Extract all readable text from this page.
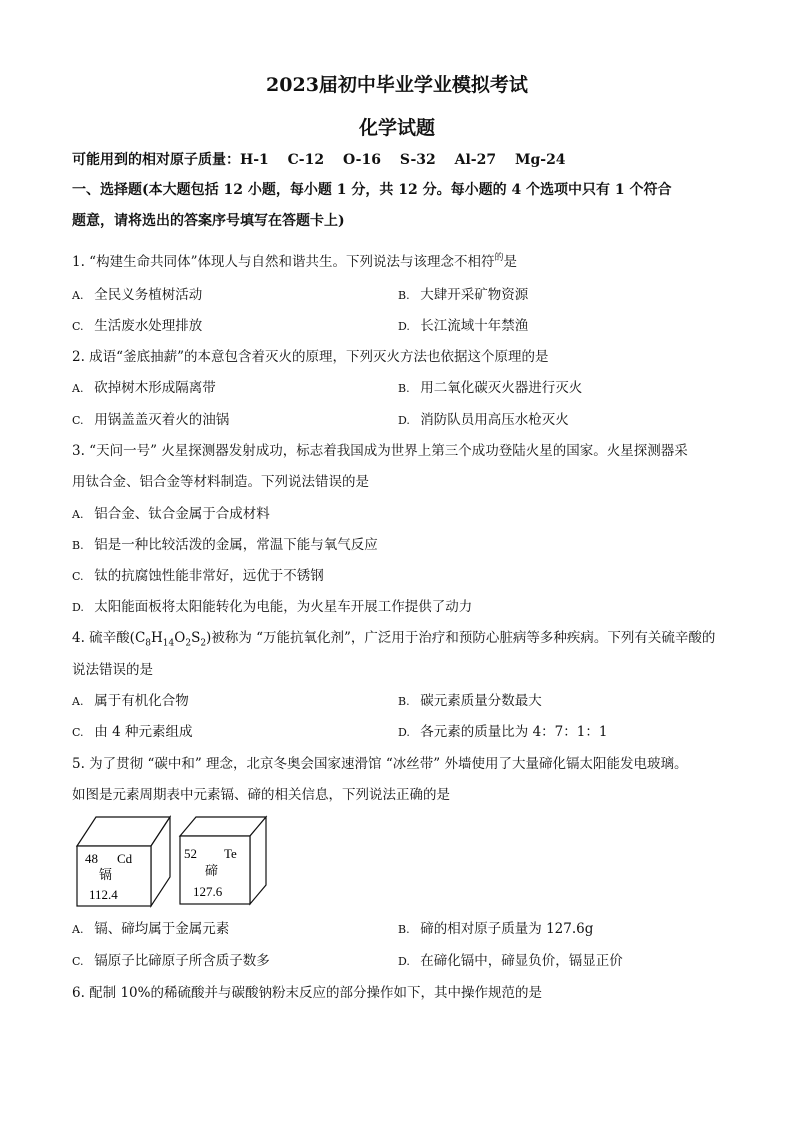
2023届初中毕业学业模拟考试
化学试题
可能用到的相对原子质量：H-1　 C-12　 O-16　 S-32　 Al-27　 Mg-24
一、选择题(本大题包括 12 小题，每小题 1 分，共 12 分。每小题的 4 个选项中只有 1 个符合
题意，请将选出的答案序号填写在答题卡上)
1. “构建生命共同体”体现人与自然和谐共生。下列说法与该理念不相符$^的$是
A. 全民义务植树活动	B. 大肆开采矿物资源
C. 生活废水处理排放	D. 长江流域十年禁渔
2. 成语“釜底抽薪”的本意包含着灭火的原理，下列灭火方法也依据这个原理的是
A. 砍掉树木形成隔离带	B. 用二氧化碳灭火器进行灭火
C. 用锅盖盖灭着火的油锅	D. 消防队员用高压水枪灭火
3. “天问一号” 火星探测器发射成功，标志着我国成为世界上第三个成功登陆火星的国家。火星探测器采
用钛合金、铝合金等材料制造。下列说法错误的是
A. 铝合金、钛合金属于合成材料
B. 铝是一种比较活泼的金属，常温下能与氧气反应
C. 钛的抗腐蚀性能非常好，远优于不锈钢
D. 太阳能面板将太阳能转化为电能，为火星车开展工作提供了动力
4. 硫辛酸$(C_8H_{14}O_2S_2)$被称为 “万能抗氧化剂”，广泛用于治疗和预防心脏病等多种疾病。下列有关硫辛酸的
说法错误的是
A. 属于有机化合物	B. 碳元素质量分数最大
C. 由 4 种元素组成	D. 各元素的质量比为 4：7：1：1
5. 为了贯彻 “碳中和” 理念，北京冬奥会国家速滑馆 “冰丝带” 外墙使用了大量碲化镉太阳能发电玻璃。
如图是元素周期表中元素镉、碲的相关信息，下列说法正确的是
48 Cd
镉
112.4
52 Te
碲
127.6
A. 镉、碲均属于金属元素	B. 碲的相对原子质量为 127.6g
C. 镉原子比碲原子所含质子数多	D. 在碲化镉中，碲显负价，镉显正价
6. 配制 10%的稀硫酸并与碳酸钠粉末反应的部分操作如下，其中操作规范的是
